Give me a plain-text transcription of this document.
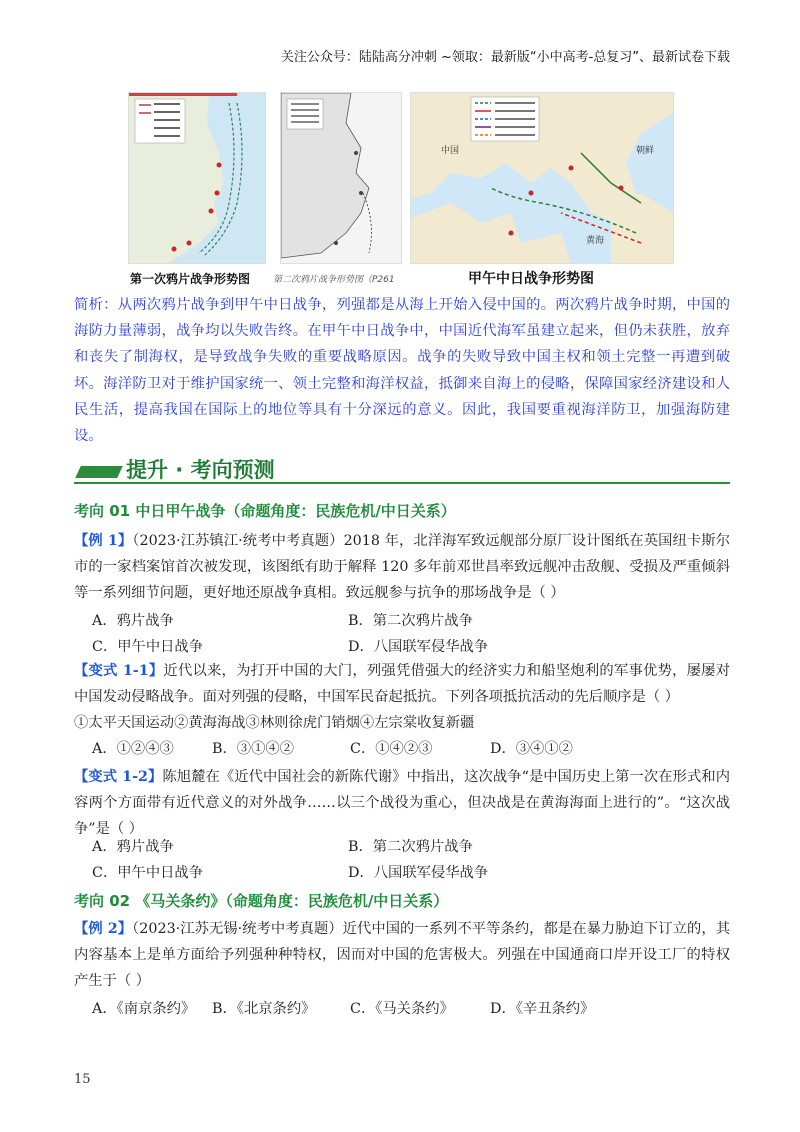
关注公众号：陆陆高分冲刺 ~领取：最新版“小中高考-总复习”、最新试卷下载
第一次鸦片战争形势图	第二次鸦片战争形势图（P261
中国	朝鲜
黄海
甲午中日战争形势图
简析：从两次鸦片战争到甲午中日战争，列强都是从海上开始入侵中国的。两次鸦片战争时期，中国的海防力量薄弱，战争均以失败告终。在甲午中日战争中，中国近代海军虽建立起来，但仍未获胜，放弃和丧失了制海权，是导致战争失败的重要战略原因。战争的失败导致中国主权和领土完整一再遭到破坏。海洋防卫对于维护国家统一、领土完整和海洋权益，抵御来自海上的侵略，保障国家经济建设和人民生活，提高我国在国际上的地位等具有十分深远的意义。因此，我国要重视海洋防卫，加强海防建设。
提升 · 考向预测
考向 01 中日甲午战争（命题角度：民族危机/中日关系）
【例 1】（2023·江苏镇江·统考中考真题）2018 年，北洋海军致远舰部分原厂设计图纸在英国纽卡斯尔市的一家档案馆首次被发现，该图纸有助于解释 120 多年前邓世昌率致远舰冲击敌舰、受损及严重倾斜等一系列细节问题，更好地还原战争真相。致远舰参与抗争的那场战争是（ ）
A．鸦片战争	B．第二次鸦片战争
C．甲午中日战争	D．八国联军侵华战争
【变式 1-1】近代以来，为打开中国的大门，列强凭借强大的经济实力和船坚炮利的军事优势，屡屡对中国发动侵略战争。面对列强的侵略，中国军民奋起抵抗。下列各项抵抗活动的先后顺序是（ ）
①太平天国运动②黄海海战③林则徐虎门销烟④左宗棠收复新疆
A．①②④③	B．③①④②	C．①④②③	D．③④①②
【变式 1-2】陈旭麓在《近代中国社会的新陈代谢》中指出，这次战争“是中国历史上第一次在形式和内容两个方面带有近代意义的对外战争……以三个战役为重心，但决战是在黄海海面上进行的”。“这次战争”是（ ）
A．鸦片战争	B．第二次鸦片战争
C．甲午中日战争	D．八国联军侵华战争
考向 02 《马关条约》（命题角度：民族危机/中日关系）
【例 2】（2023·江苏无锡·统考中考真题）近代中国的一系列不平等条约，都是在暴力胁迫下订立的，其内容基本上是单方面给予列强种种特权，因而对中国的危害极大。列强在中国通商口岸开设工厂的特权产生于（ ）
A．《南京条约》 B．《北京条约》 C．《马关条约》	D．《辛丑条约》
15
